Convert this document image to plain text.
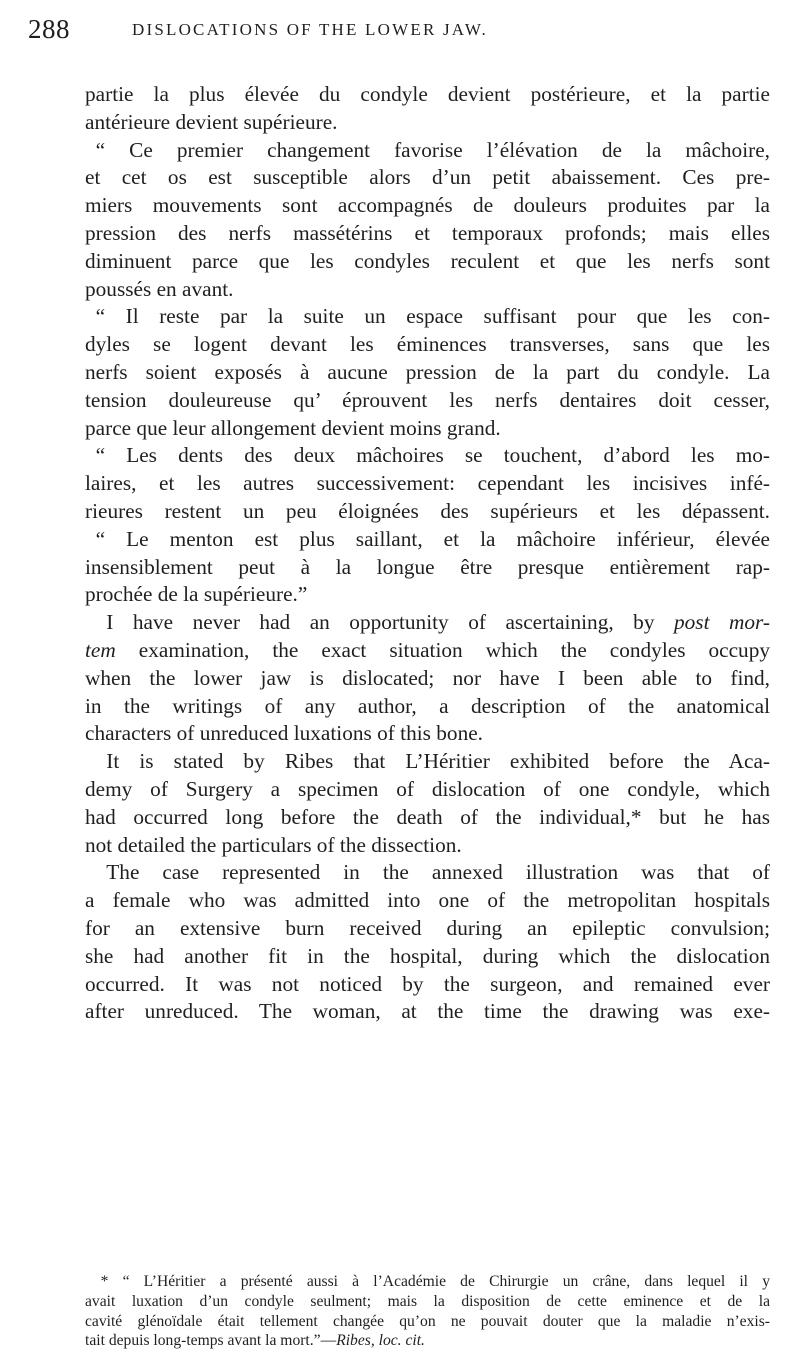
288	DISLOCATIONS OF THE LOWER JAW.
partie la plus élevée du condyle devient postérieure, et la partie
antérieure devient supérieure.
“ Ce premier changement favorise l’élévation de la mâchoire,
et cet os est susceptible alors d’un petit abaissement. Ces pre-
miers mouvements sont accompagnés de douleurs produites par la
pression des nerfs massétérins et temporaux profonds; mais elles
diminuent parce que les condyles reculent et que les nerfs sont
poussés en avant.
“ Il reste par la suite un espace suffisant pour que les con-
dyles se logent devant les éminences transverses, sans que les
nerfs soient exposés à aucune pression de la part du condyle. La
tension douleureuse qu’ éprouvent les nerfs dentaires doit cesser,
parce que leur allongement devient moins grand.
“ Les dents des deux mâchoires se touchent, d’abord les mo-
laires, et les autres successivement: cependant les incisives infé-
rieures restent un peu éloignées des supérieurs et les dépassent.
“ Le menton est plus saillant, et la mâchoire inférieur, élevée
insensiblement peut à la longue être presque entièrement rap-
prochée de la supérieure.”
I have never had an opportunity of ascertaining, by post mor-
tem examination, the exact situation which the condyles occupy
when the lower jaw is dislocated; nor have I been able to find,
in the writings of any author, a description of the anatomical
characters of unreduced luxations of this bone.
It is stated by Ribes that L’Héritier exhibited before the Aca-
demy of Surgery a specimen of dislocation of one condyle, which
had occurred long before the death of the individual,* but he has
not detailed the particulars of the dissection.
The case represented in the annexed illustration was that of
a female who was admitted into one of the metropolitan hospitals
for an extensive burn received during an epileptic convulsion;
she had another fit in the hospital, during which the dislocation
occurred. It was not noticed by the surgeon, and remained ever
after unreduced. The woman, at the time the drawing was exe-
* “ L’Héritier a présenté aussi à l’Académie de Chirurgie un crâne, dans lequel il y
avait luxation d’un condyle seulment; mais la disposition de cette eminence et de la
cavité glénoïdale était tellement changée qu’on ne pouvait douter que la maladie n’exis-
tait depuis long-temps avant la mort.”—Ribes, loc. cit.
